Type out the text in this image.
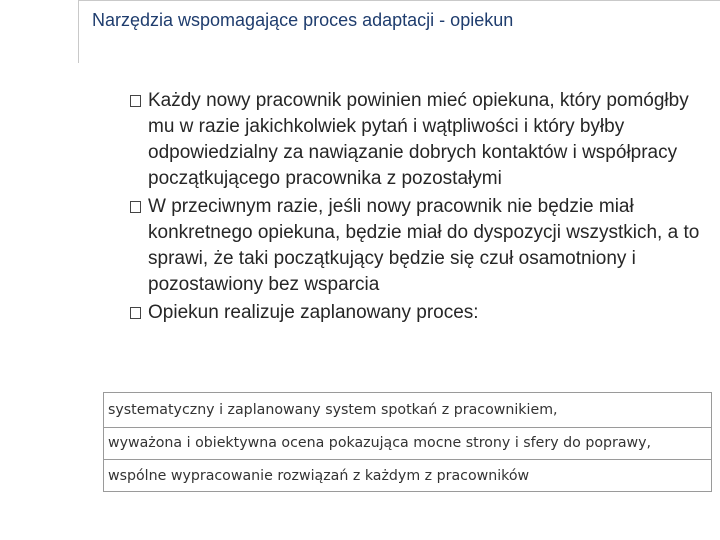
Narzędzia wspomagające proces adaptacji - opiekun
Każdy nowy pracownik powinien mieć opiekuna, który pomógłby mu w razie jakichkolwiek pytań i wątpliwości i który byłby odpowiedzialny za nawiązanie dobrych kontaktów i współpracy początkującego pracownika z pozostałymi
W przeciwnym razie, jeśli nowy pracownik nie będzie miał konkretnego opiekuna, będzie miał do dyspozycji wszystkich, a to sprawi, że taki początkujący będzie się czuł osamotniony i pozostawiony bez wsparcia
Opiekun realizuje zaplanowany proces:
systematyczny i zaplanowany system spotkań z pracownikiem,
wyważona i obiektywna ocena pokazująca mocne strony i sfery do poprawy,
wspólne wypracowanie rozwiązań z każdym z pracowników
